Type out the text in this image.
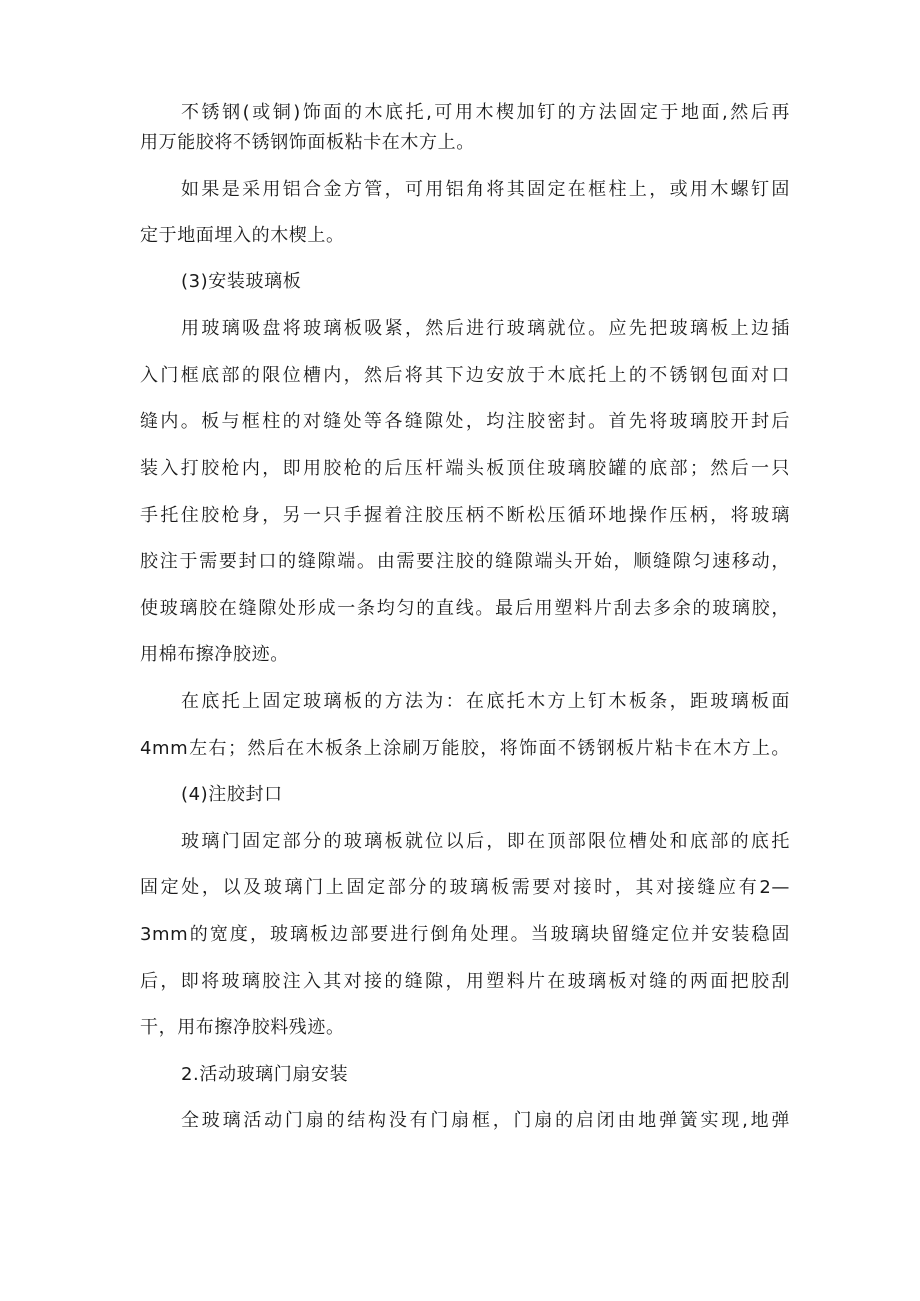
不锈钢(或铜)饰面的木底托,可用木楔加钉的方法固定于地面,然后再
用万能胶将不锈钢饰面板粘卡在木方上。
如果是采用铝合金方管，可用铝角将其固定在框柱上，或用木螺钉固
定于地面埋入的木楔上。
(3)安装玻璃板
用玻璃吸盘将玻璃板吸紧，然后进行玻璃就位。应先把玻璃板上边插
入门框底部的限位槽内，然后将其下边安放于木底托上的不锈钢包面对口
缝内。板与框柱的对缝处等各缝隙处，均注胶密封。首先将玻璃胶开封后
装入打胶枪内，即用胶枪的后压杆端头板顶住玻璃胶罐的底部；然后一只
手托住胶枪身，另一只手握着注胶压柄不断松压循环地操作压柄，将玻璃
胶注于需要封口的缝隙端。由需要注胶的缝隙端头开始，顺缝隙匀速移动，
使玻璃胶在缝隙处形成一条均匀的直线。最后用塑料片刮去多余的玻璃胶，
用棉布擦净胶迹。
在底托上固定玻璃板的方法为：在底托木方上钉木板条，距玻璃板面
4mm左右；然后在木板条上涂刷万能胶，将饰面不锈钢板片粘卡在木方上。
(4)注胶封口
玻璃门固定部分的玻璃板就位以后，即在顶部限位槽处和底部的底托
固定处，以及玻璃门上固定部分的玻璃板需要对接时，其对接缝应有2—
3mm的宽度，玻璃板边部要进行倒角处理。当玻璃块留缝定位并安装稳固
后，即将玻璃胶注入其对接的缝隙，用塑料片在玻璃板对缝的两面把胶刮
干，用布擦净胶料残迹。
2.活动玻璃门扇安装
全玻璃活动门扇的结构没有门扇框，门扇的启闭由地弹簧实现,地弹
